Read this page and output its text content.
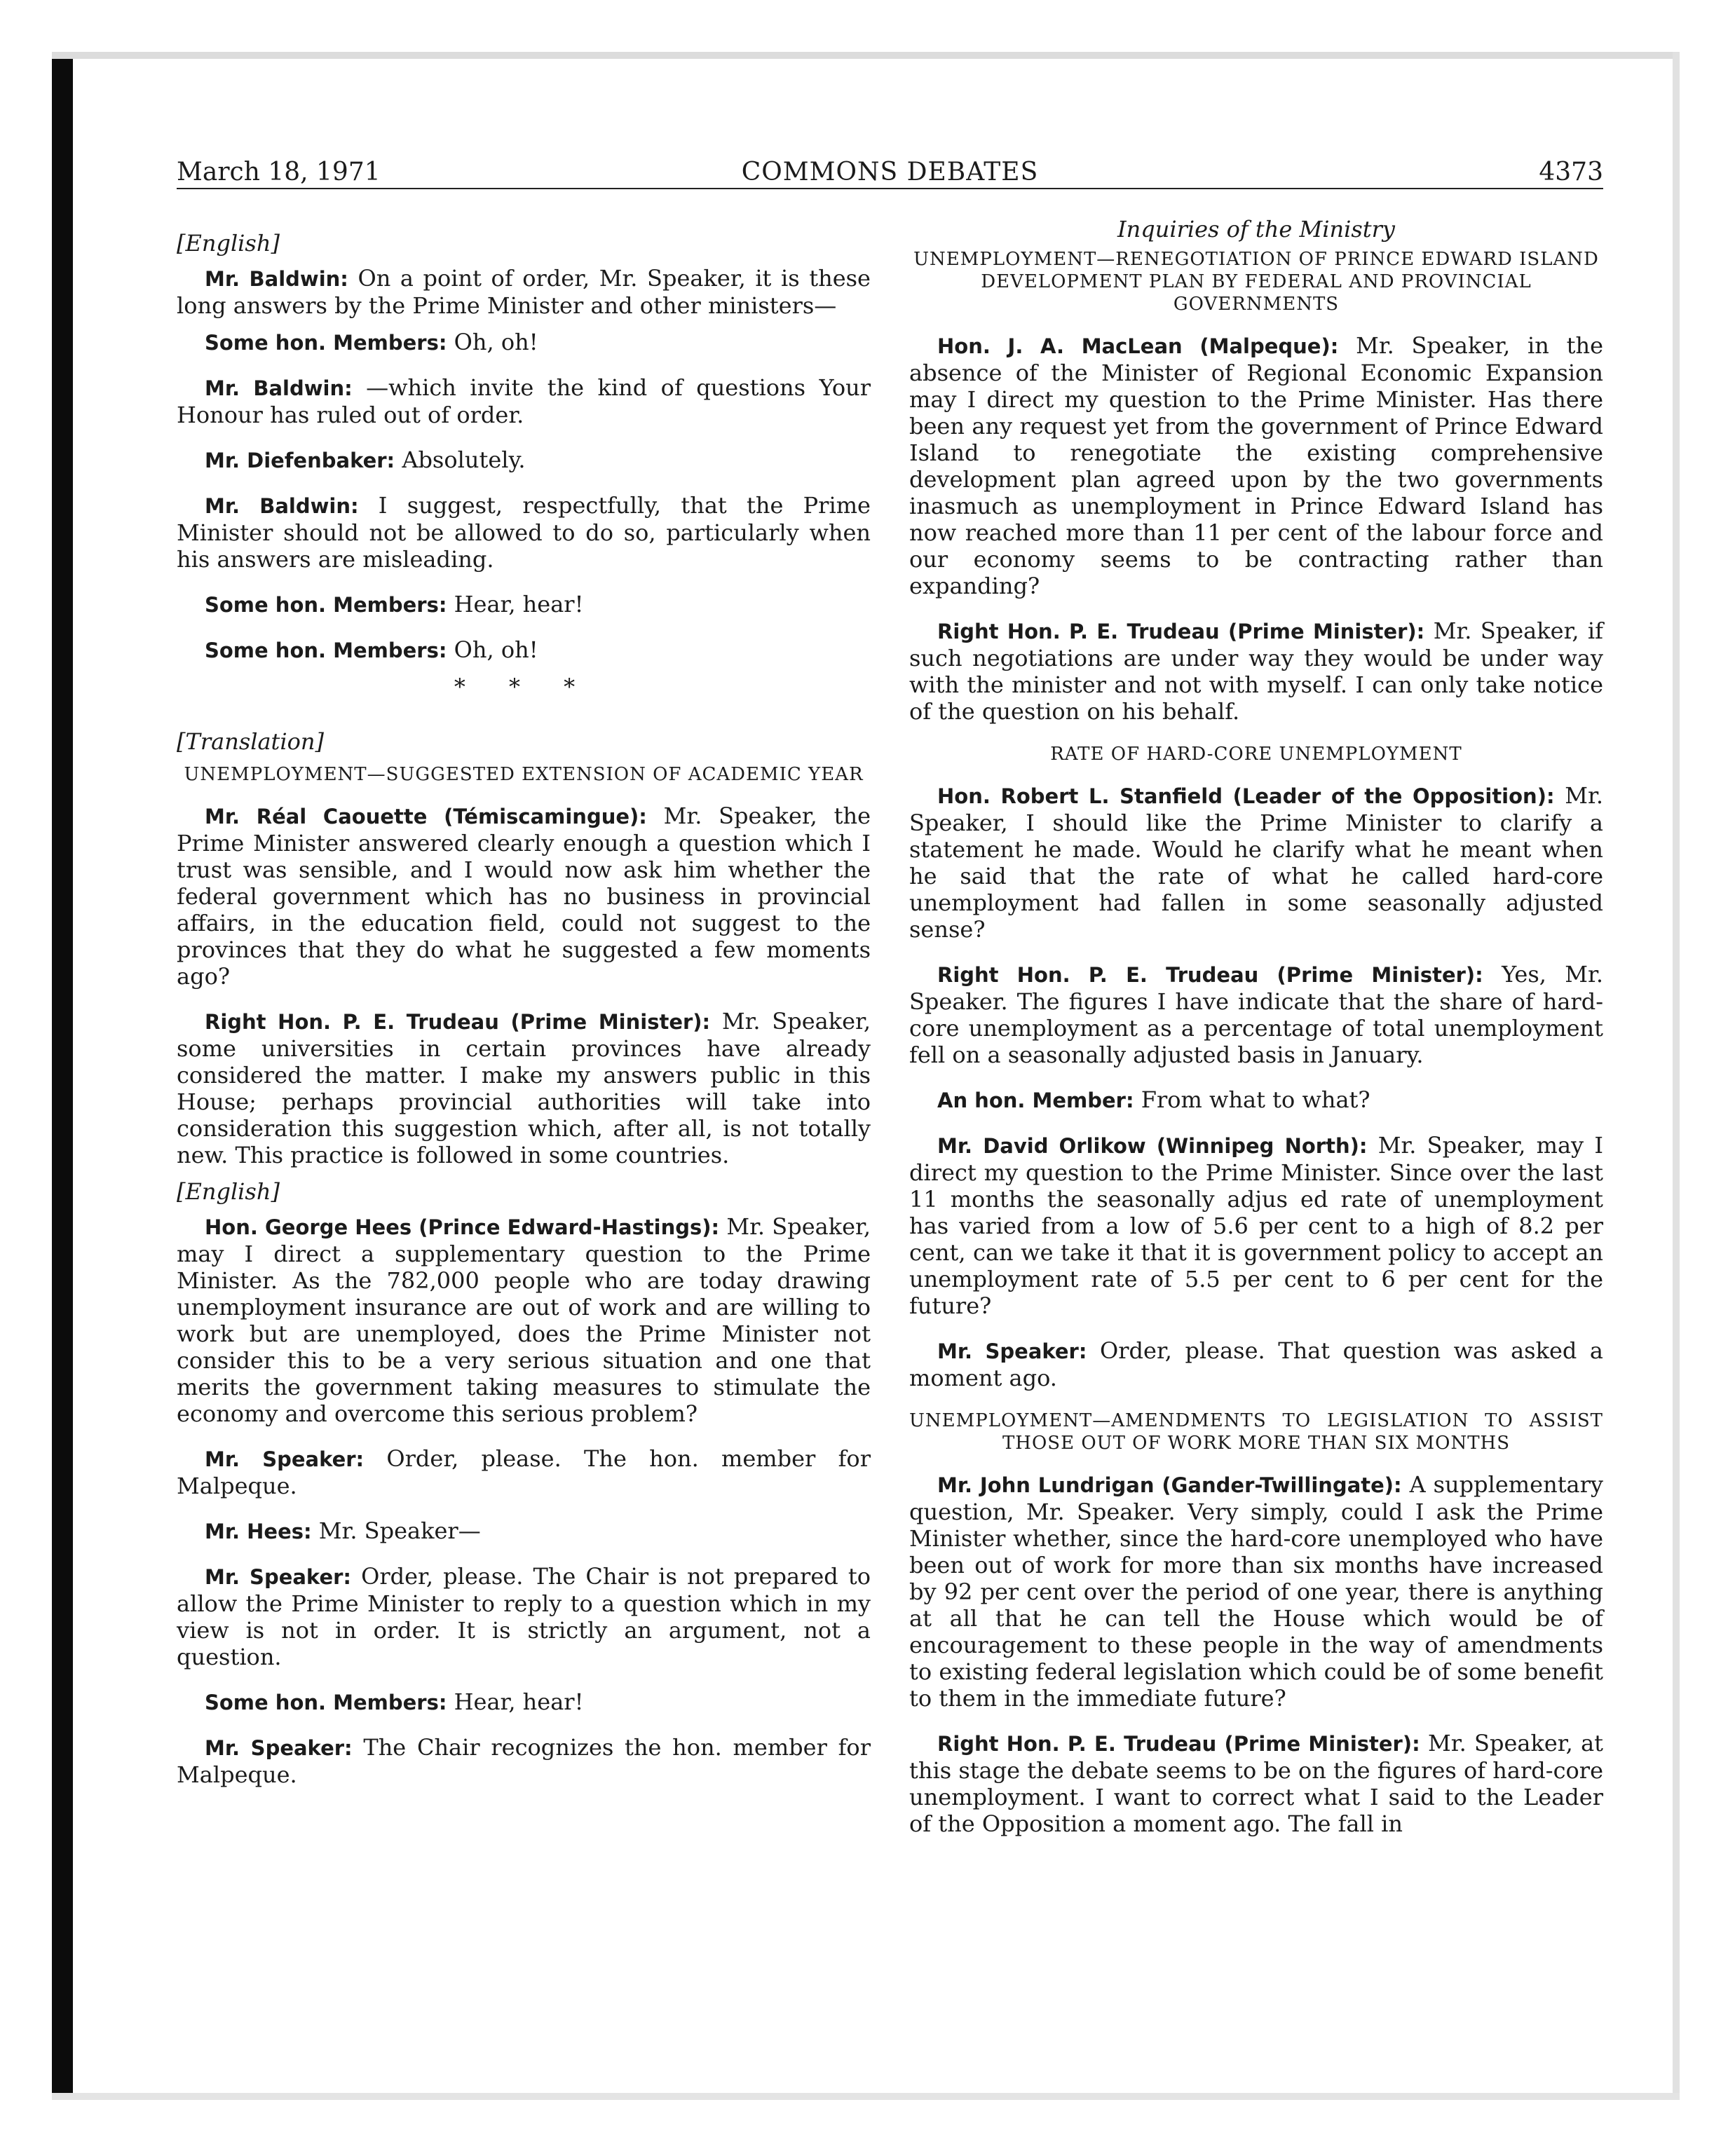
COMMONS DEBATES
March 18, 1971	4373
[English]

Mr. Baldwin: On a point of order, Mr. Speaker, it is these long answers by the Prime Minister and other ministers—

Some hon. Members: Oh, oh!

Mr. Baldwin: —which invite the kind of questions Your Honour has ruled out of order.

Mr. Diefenbaker: Absolutely.

Mr. Baldwin: I suggest, respectfully, that the Prime Minister should not be allowed to do so, particularly when his answers are misleading.

Some hon. Members: Hear, hear!

Some hon. Members: Oh, oh!

* * *
[Translation]
UNEMPLOYMENT—SUGGESTED EXTENSION OF ACADEMIC YEAR

Mr. Réal Caouette (Témiscamingue): Mr. Speaker, the Prime Minister answered clearly enough a question which I trust was sensible, and I would now ask him whether the federal government which has no business in provincial affairs, in the education field, could not suggest to the provinces that they do what he suggested a few moments ago?

Right Hon. P. E. Trudeau (Prime Minister): Mr. Speaker, some universities in certain provinces have already considered the matter. I make my answers public in this House; perhaps provincial authorities will take into consideration this suggestion which, after all, is not totally new. This practice is followed in some countries.

[English]

Hon. George Hees (Prince Edward-Hastings): Mr. Speaker, may I direct a supplementary question to the Prime Minister. As the 782,000 people who are today drawing unemployment insurance are out of work and are willing to work but are unemployed, does the Prime Minister not consider this to be a very serious situation and one that merits the government taking measures to stimulate the economy and overcome this serious problem?

Mr. Speaker: Order, please. The hon. member for Malpeque.

Mr. Hees: Mr. Speaker—

Mr. Speaker: Order, please. The Chair is not prepared to allow the Prime Minister to reply to a question which in my view is not in order. It is strictly an argument, not a question.

Some hon. Members: Hear, hear!

Mr. Speaker: The Chair recognizes the hon. member for Malpeque.

Inquiries of the Ministry
UNEMPLOYMENT—RENEGOTIATION OF PRINCE EDWARD ISLAND DEVELOPMENT PLAN BY FEDERAL AND PROVINCIAL GOVERNMENTS

Hon. J. A. MacLean (Malpeque): Mr. Speaker, in the absence of the Minister of Regional Economic Expansion may I direct my question to the Prime Minister. Has there been any request yet from the government of Prince Edward Island to renegotiate the existing comprehensive development plan agreed upon by the two governments inasmuch as unemployment in Prince Edward Island has now reached more than 11 per cent of the labour force and our economy seems to be contracting rather than expanding?

Right Hon. P. E. Trudeau (Prime Minister): Mr. Speaker, if such negotiations are under way they would be under way with the minister and not with myself. I can only take notice of the question on his behalf.

RATE OF HARD-CORE UNEMPLOYMENT

Hon. Robert L. Stanfield (Leader of the Opposition): Mr. Speaker, I should like the Prime Minister to clarify a statement he made. Would he clarify what he meant when he said that the rate of what he called hard-core unemployment had fallen in some seasonally adjusted sense?

Right Hon. P. E. Trudeau (Prime Minister): Yes, Mr. Speaker. The figures I have indicate that the share of hard-core unemployment as a percentage of total unemployment fell on a seasonally adjusted basis in January.

An hon. Member: From what to what?

Mr. David Orlikow (Winnipeg North): Mr. Speaker, may I direct my question to the Prime Minister. Since over the last 11 months the seasonally adjus ed rate of unemployment has varied from a low of 5.6 per cent to a high of 8.2 per cent, can we take it that it is government policy to accept an unemployment rate of 5.5 per cent to 6 per cent for the future?

Mr. Speaker: Order, please. That question was asked a moment ago.

UNEMPLOYMENT—AMENDMENTS TO LEGISLATION TO ASSIST THOSE OUT OF WORK MORE THAN SIX MONTHS

Mr. John Lundrigan (Gander-Twillingate): A supplementary question, Mr. Speaker. Very simply, could I ask the Prime Minister whether, since the hard-core unemployed who have been out of work for more than six months have increased by 92 per cent over the period of one year, there is anything at all that he can tell the House which would be of encouragement to these people in the way of amendments to existing federal legislation which could be of some benefit to them in the immediate future?

Right Hon. P. E. Trudeau (Prime Minister): Mr. Speaker, at this stage the debate seems to be on the figures of hard-core unemployment. I want to correct what I said to the Leader of the Opposition a moment ago. The fall in
